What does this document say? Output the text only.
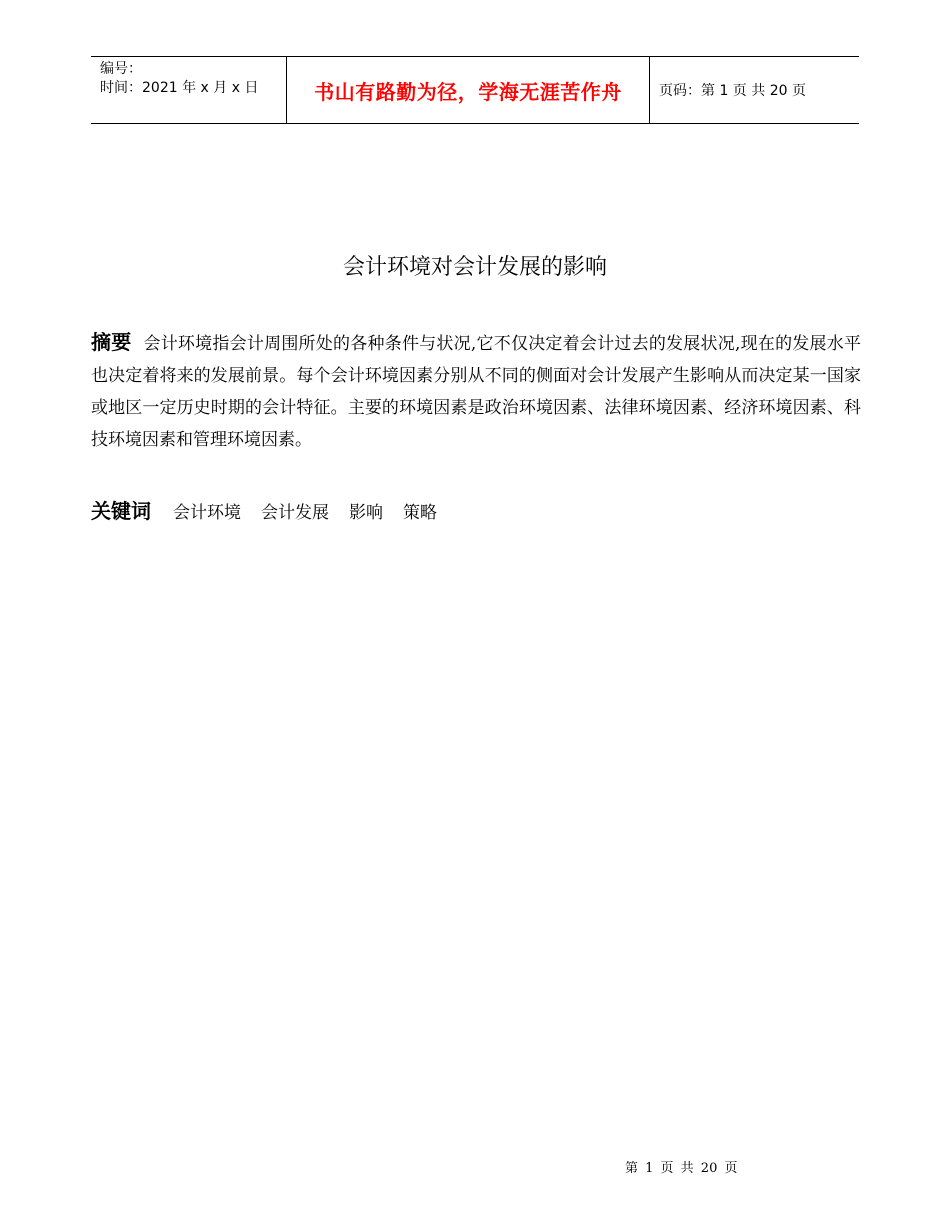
编号：
时间：2021 年 x 月 x 日	书山有路勤为径，学海无涯苦作舟	页码：第 1 页 共 20 页
会计环境对会计发展的影响
摘要 会计环境指会计周围所处的各种条件与状况,它不仅决定着会计过去的发展状况,现在的发展水平也决定着将来的发展前景。每个会计环境因素分别从不同的侧面对会计发展产生影响从而决定某一国家或地区一定历史时期的会计特征。主要的环境因素是政治环境因素、法律环境因素、经济环境因素、科技环境因素和管理环境因素。
关键词 会计环境 会计发展 影响 策略
第 1 页 共 20 页
